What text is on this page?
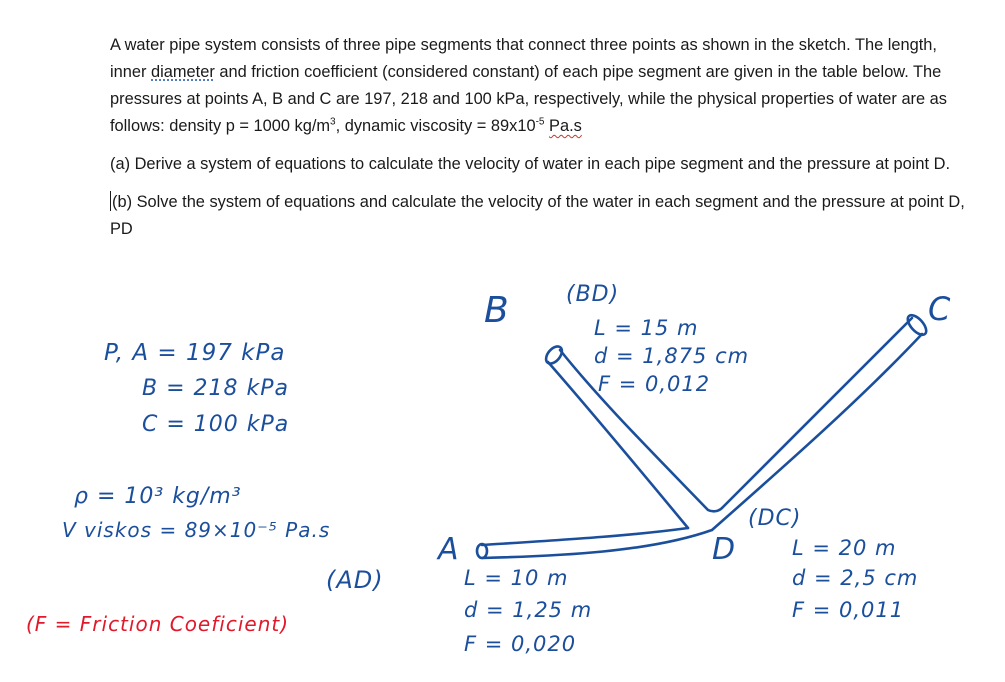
A water pipe system consists of three pipe segments that connect three points as shown in the sketch. The length, inner diameter and friction coefficient (considered constant) of each pipe segment are given in the table below. The pressures at points A, B and C are 197, 218 and 100 kPa, respectively, while the physical properties of water are as follows: density p = 1000 $kg/m^3$, dynamic viscosity = $89x10^{-5}$ Pa.s

(a) Derive a system of equations to calculate the velocity of water in each pipe segment and the pressure at point D.

(b) Solve the system of equations and calculate the velocity of the water in each segment and the pressure at point D, PD

B	C
A	D
(BD)
L = 15 m
d = 1,875 cm
F = 0,012
(AD)	L = 10 m
d = 1,25 m
F = 0,020
(DC)
L = 20 m
d = 2,5 cm
F = 0,011
P, A = 197 kPa
B = 218 kPa
C = 100 kPa
ρ = 10³ kg/m³
V viskos = 89×10⁻⁵ Pa.s
(F = Friction Coeficient)
